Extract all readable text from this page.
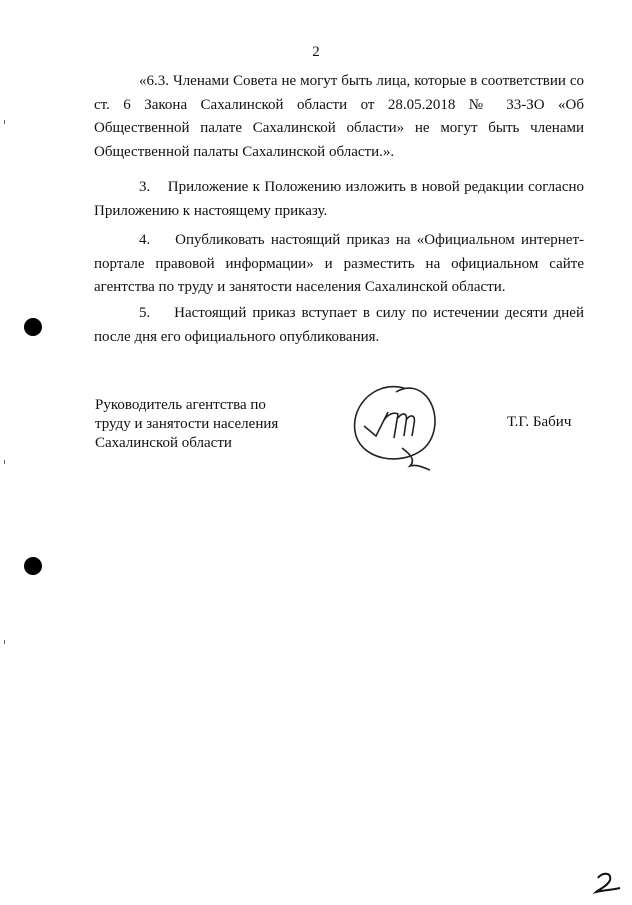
2
«6.3. Членами Совета не могут быть лица, которые в соответствии со ст. 6 Закона Сахалинской области от 28.05.2018 № 33-ЗО «Об Общественной палате Сахалинской области» не могут быть членами Общественной палаты Сахалинской области.».
3. Приложение к Положению изложить в новой редакции согласно Приложению к настоящему приказу.
4. Опубликовать настоящий приказ на «Официальном интернет-портале правовой информации» и разместить на официальном сайте агентства по труду и занятости населения Сахалинской области.
5. Настоящий приказ вступает в силу по истечении десяти дней после дня его официального опубликования.
Руководитель агентства по
труду и занятости населения
Сахалинской области
Т.Г. Бабич
